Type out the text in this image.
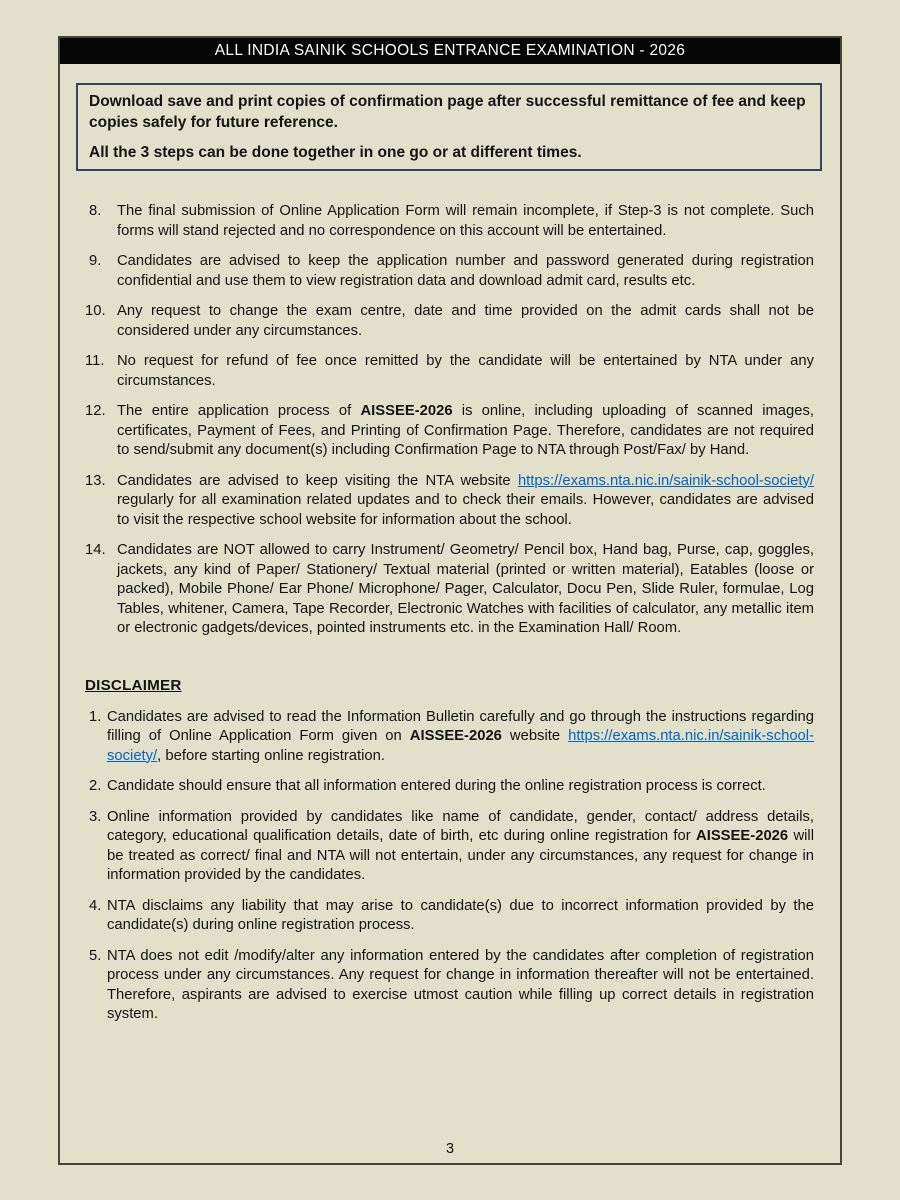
ALL INDIA SAINIK SCHOOLS ENTRANCE EXAMINATION - 2026

Download save and print copies of confirmation page after successful remittance of fee and keep copies safely for future reference.

All the 3 steps can be done together in one go or at different times.

8.	The final submission of Online Application Form will remain incomplete, if Step-3 is not complete. Such forms will stand rejected and no correspondence on this account will be entertained.
9.	Candidates are advised to keep the application number and password generated during registration confidential and use them to view registration data and download admit card, results etc.
10. Any request to change the exam centre, date and time provided on the admit cards shall not be considered under any circumstances.
11. No request for refund of fee once remitted by the candidate will be entertained by NTA under any circumstances.
12. The entire application process of AISSEE-2026 is online, including uploading of scanned images, certificates, Payment of Fees, and Printing of Confirmation Page. Therefore, candidates are not required to send/submit any document(s) including Confirmation Page to NTA through Post/Fax/ by Hand.
13. Candidates are advised to keep visiting the NTA website https://exams.nta.nic.in/sainik-school-society/ regularly for all examination related updates and to check their emails. However, candidates are advised to visit the respective school website for information about the school.
14. Candidates are NOT allowed to carry Instrument/ Geometry/ Pencil box, Hand bag, Purse, cap, goggles, jackets, any kind of Paper/ Stationery/ Textual material (printed or written material), Eatables (loose or packed), Mobile Phone/ Ear Phone/ Microphone/ Pager, Calculator, Docu Pen, Slide Ruler, formulae, Log Tables, whitener, Camera, Tape Recorder, Electronic Watches with facilities of calculator, any metallic item or electronic gadgets/devices, pointed instruments etc. in the Examination Hall/ Room.
DISCLAIMER
1. Candidates are advised to read the Information Bulletin carefully and go through the instructions regarding filling of Online Application Form given on AISSEE-2026 website https://exams.nta.nic.in/sainik-school-society/, before starting online registration.
2. Candidate should ensure that all information entered during the online registration process is correct.
3. Online information provided by candidates like name of candidate, gender, contact/ address details, category, educational qualification details, date of birth, etc during online registration for AISSEE-2026 will be treated as correct/ final and NTA will not entertain, under any circumstances, any request for change in information provided by the candidates.
4. NTA disclaims any liability that may arise to candidate(s) due to incorrect information provided by the candidate(s) during online registration process.
5. NTA does not edit /modify/alter any information entered by the candidates after completion of registration process under any circumstances. Any request for change in information thereafter will not be entertained. Therefore, aspirants are advised to exercise utmost caution while filling up correct details in registration system.
3
